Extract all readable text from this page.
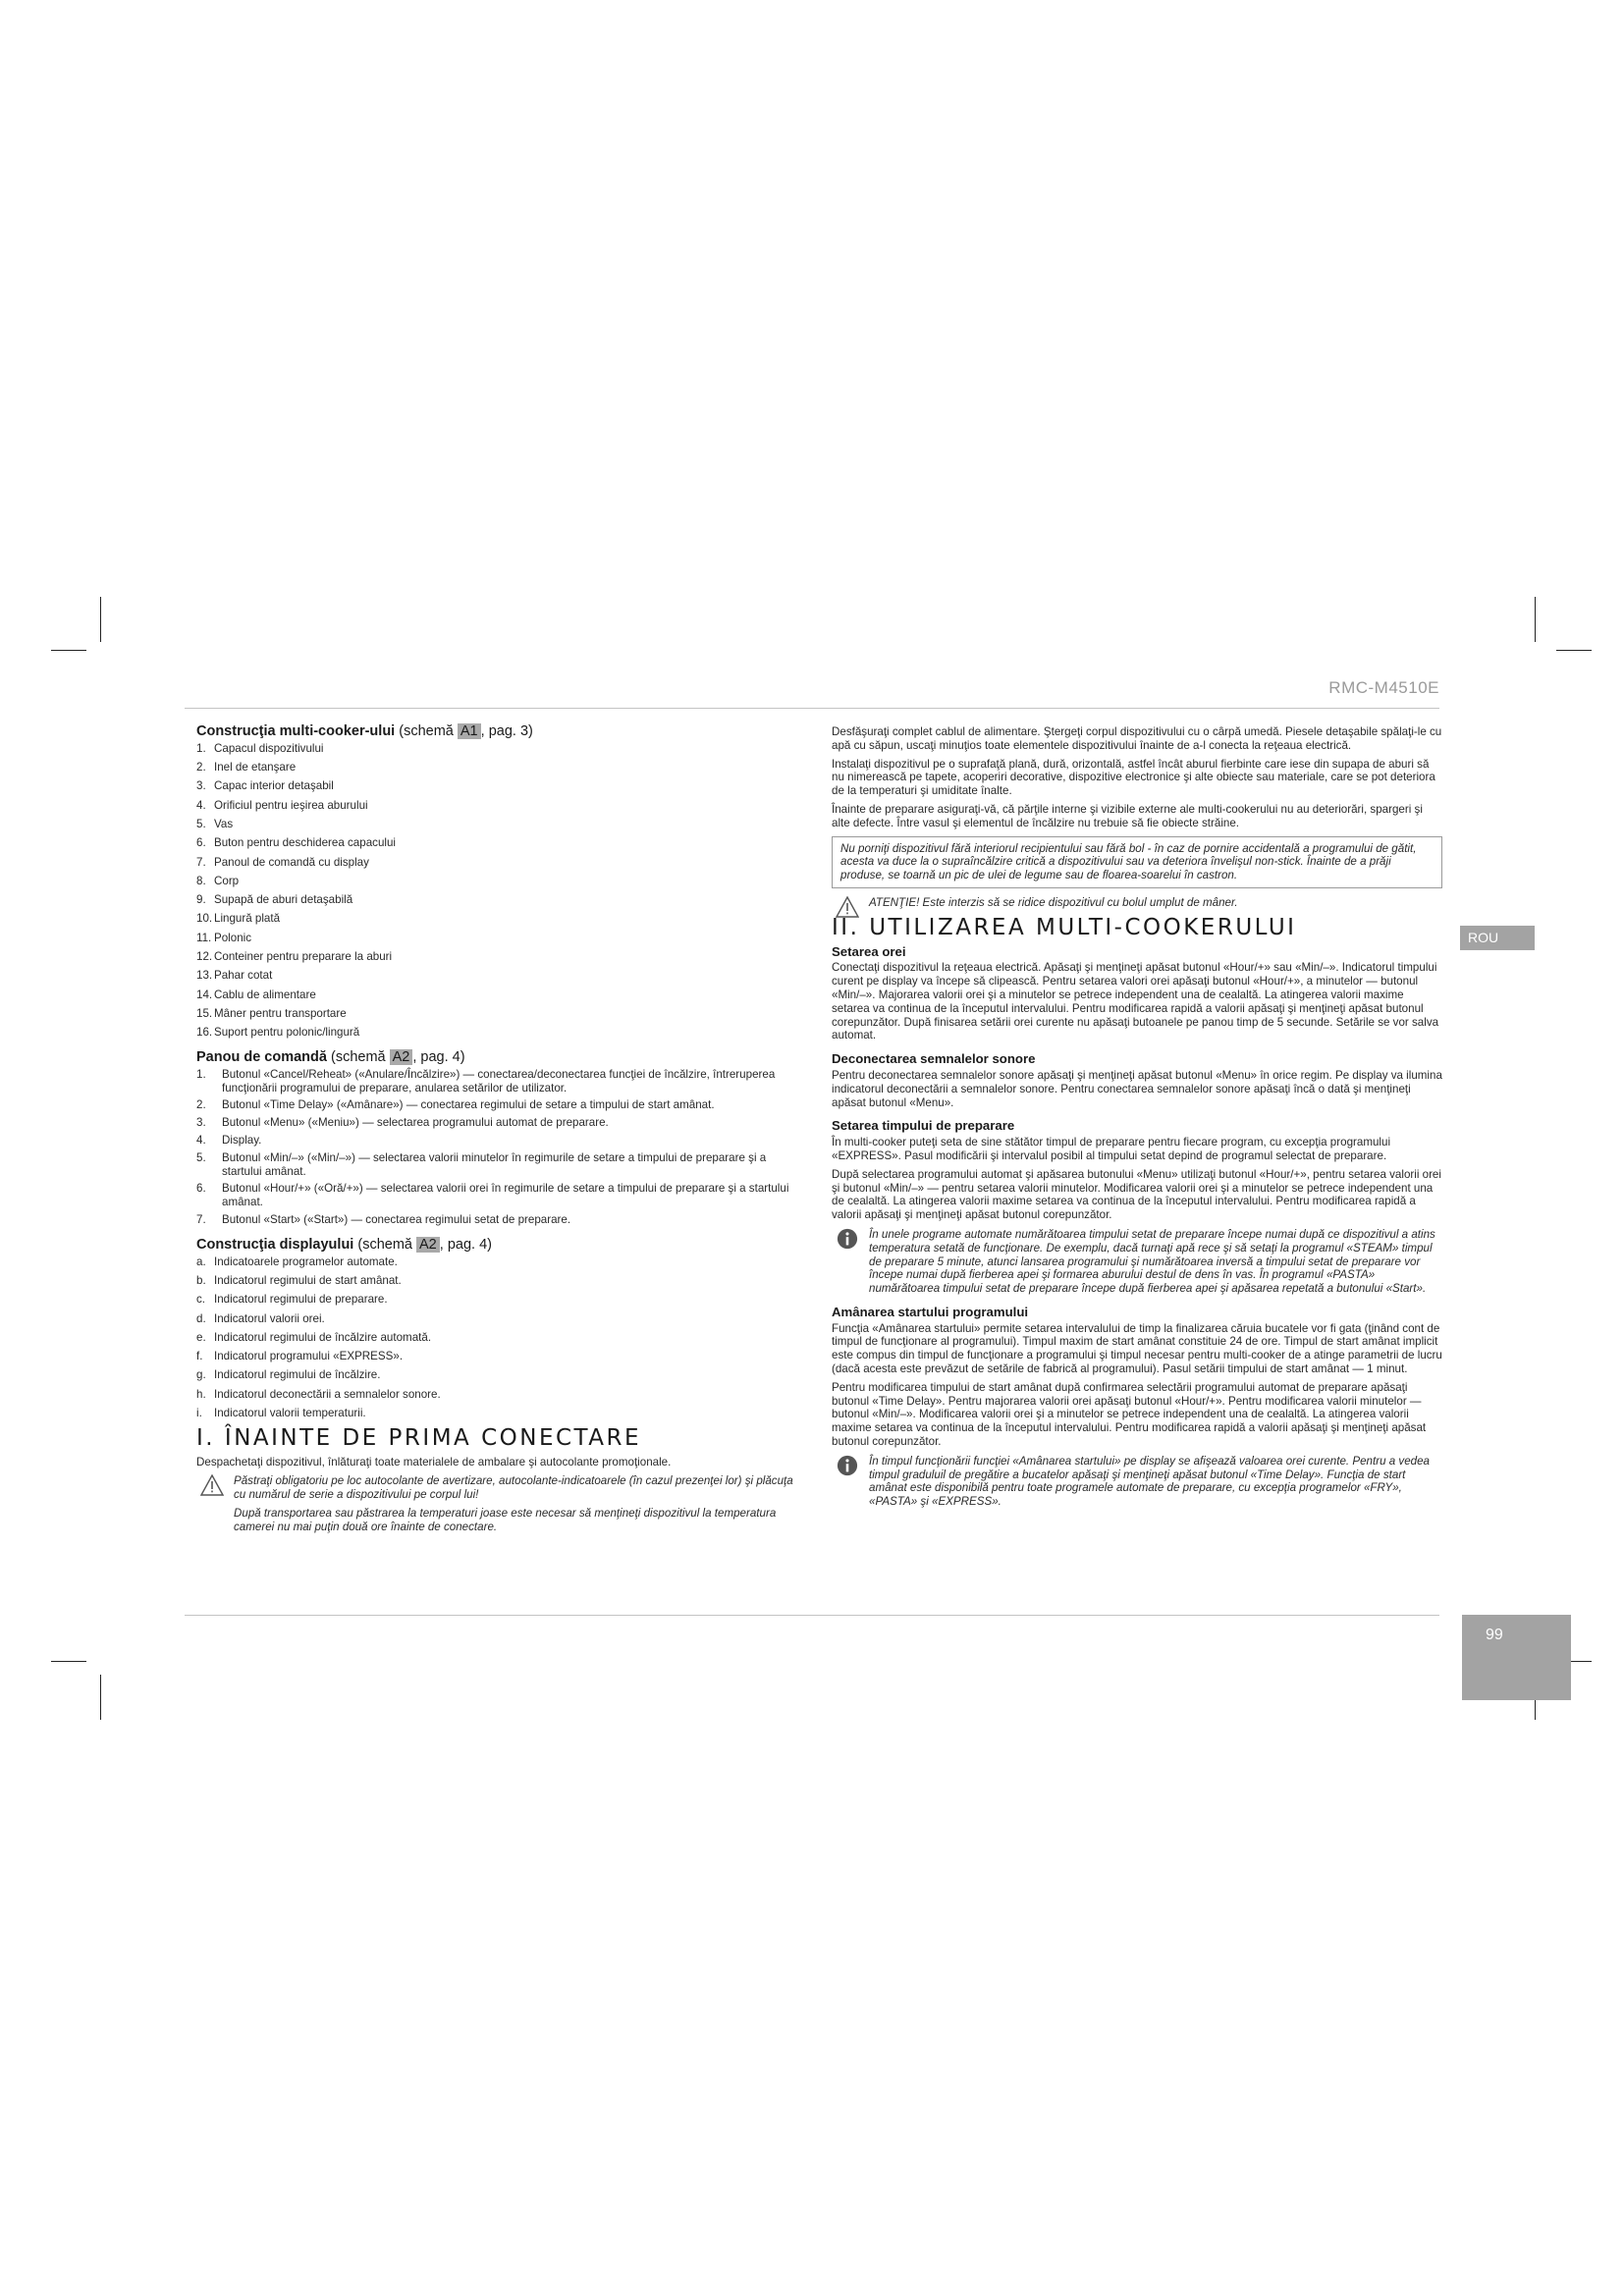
RMC-M4510E
ROU
99
Construcţia multi-cooker-ului (schemă A1 , pag. 3)
1. Capacul dispozitivului
2. Inel de etanşare
3. Capac interior detaşabil
4. Orificiul pentru ieşirea aburului
5. Vas
6. Buton pentru deschiderea capacului
7. Panoul de comandă cu display
8. Corp
9. Supapă de aburi detaşabilă
10. Lingură plată
11. Polonic
12. Conteiner pentru preparare la aburi
13. Pahar cotat
14. Cablu de alimentare
15. Mâner pentru transportare
16. Suport pentru polonic/lingură
Panou de comandă (schemă A2 , pag. 4)
1. Butonul «Cancel/Reheat» («Anulare/Încălzire») — conectarea/deconectarea funcţiei de încălzire, întreruperea funcţionării programului de preparare, anularea setărilor de utilizator.
2. Butonul «Time Delay» («Amânare») — conectarea regimului de setare a timpului de start amânat.
3. Butonul «Menu» («Meniu») — selectarea programului automat de preparare.
4. Display.
5. Butonul «Min/–» («Min/–») — selectarea valorii minutelor în regimurile de setare a timpului de preparare şi a startului amânat.
6. Butonul «Hour/+» («Oră/+») — selectarea valorii orei în regimurile de setare a timpului de preparare şi a startului amânat.
7. Butonul «Start» («Start») — conectarea regimului setat de preparare.
Construcţia displayului (schemă A2 , pag. 4)
a. Indicatoarele programelor automate.
b. Indicatorul regimului de start amânat.
c. Indicatorul regimului de preparare.
d. Indicatorul valorii orei.
e. Indicatorul regimului de încălzire automată.
f. Indicatorul programului «EXPRESS».
g. Indicatorul regimului de încălzire.
h. Indicatorul deconectării a semnalelor sonore.
i. Indicatorul valorii temperaturii.
I. ÎNAINTE DE PRIMA CONECTARE

Despachetaţi dispozitivul, înlăturaţi toate materialele de ambalare şi autocolante promoţionale.

Păstraţi obligatoriu pe loc autocolante de avertizare, autocolante-indicatoarele (în cazul prezenţei lor) şi plăcuţa cu numărul de serie a dispozitivului pe corpul lui!

După transportarea sau păstrarea la temperaturi joase este necesar să menţineţi dispozitivul la temperatura camerei nu mai puţin două ore înainte de conectare.

Desfăşuraţi complet cablul de alimentare. Ştergeţi corpul dispozitivului cu o cârpă umedă. Piesele detaşabile spălaţi-le cu apă cu săpun, uscaţi minuţios toate elementele dispozitivului înainte de a-l conecta la reţeaua electrică.

Instalaţi dispozitivul pe o suprafaţă plană, dură, orizontală, astfel încât aburul fierbinte care iese din supapa de aburi să nu nimerească pe tapete, acoperiri decorative, dispozitive electronice şi alte obiecte sau materiale, care se pot deteriora de la temperaturi şi umiditate înalte.

Înainte de preparare asiguraţi-vă, că părţile interne şi vizibile externe ale multi-cookerului nu au deteriorări, spargeri şi alte defecte. Între vasul şi elementul de încălzire nu trebuie să fie obiecte străine.

Nu porniţi dispozitivul fără interiorul recipientului sau fără bol - în caz de pornire accidentală a programului de gătit, acesta va duce la o supraîncălzire critică a dispozitivului sau va deteriora învelişul non-stick. Înainte de a prăji produse, se toarnă un pic de ulei de legume sau de floarea-soarelui în castron.

ATENŢIE! Este interzis să se ridice dispozitivul cu bolul umplut de mâner.

II. UTILIZAREA MULTI-COOKERULUI
Setarea orei

Conectaţi dispozitivul la reţeaua electrică. Apăsaţi şi menţineţi apăsat butonul «Hour/+» sau «Min/–». Indicatorul timpului curent pe display va începe să clipească. Pentru setarea valori orei apăsaţi butonul «Hour/+», a minutelor — butonul «Min/–». Majorarea valorii orei şi a minutelor se petrece independent una de cealaltă. La atingerea valorii maxime setarea va continua de la începutul intervalului. Pentru modificarea rapidă a valorii apăsaţi şi menţineţi apăsat butonul corepunzător. După finisarea setării orei curente nu apăsaţi butoanele pe panou timp de 5 secunde. Setările se vor salva automat.

Deconectarea semnalelor sonore

Pentru deconectarea semnalelor sonore apăsaţi şi menţineţi apăsat butonul «Menu» în orice regim. Pe display va ilumina indicatorul deconectării a semnalelor sonore. Pentru conectarea semnalelor sonore apăsaţi încă o dată şi menţineţi apăsat butonul «Menu».

Setarea timpului de preparare

În multi-cooker puteţi seta de sine stătător timpul de preparare pentru fiecare program, cu excepţia programului «EXPRESS». Pasul modificării şi intervalul posibil al timpului setat depind de programul selectat de preparare.

După selectarea programului automat şi apăsarea butonului «Menu» utilizaţi butonul «Hour/+», pentru setarea valorii orei şi butonul «Min/–» — pentru setarea valorii minutelor. Modificarea valorii orei şi a minutelor se petrece independent una de cealaltă. La atingerea valorii maxime setarea va continua de la începutul intervalului. Pentru modificarea rapidă a valorii apăsaţi şi menţineţi apăsat butonul corepunzător.

În unele programe automate numărătoarea timpului setat de preparare începe numai după ce dispozitivul a atins temperatura setată de funcţionare. De exemplu, dacă turnaţi apă rece şi să setaţi la programul «STEAM» timpul de preparare 5 minute, atunci lansarea programului şi numărătoarea inversă a timpului setat de preparare vor începe numai după fierberea apei şi formarea aburului destul de dens în vas. În programul «PASTA» numărătoarea timpului setat de preparare începe după fierberea apei şi apăsarea repetată a butonului «Start».

Amânarea startului programului

Funcţia «Amânarea startului» permite setarea intervalului de timp la finalizarea căruia bucatele vor fi gata (ţinând cont de timpul de funcţionare al programului). Timpul maxim de start amânat constituie 24 de ore. Timpul de start amânat implicit este compus din timpul de funcţionare a programului şi timpul necesar pentru multi-cooker de a atinge parametrii de lucru (dacă acesta este prevăzut de setările de fabrică al programului). Pasul setării timpului de start amânat — 1 minut.

Pentru modificarea timpului de start amânat după confirmarea selectării programului automat de preparare apăsaţi butonul «Time Delay». Pentru majorarea valorii orei apăsaţi butonul «Hour/+». Pentru modificarea valorii minutelor — butonul «Min/–». Modificarea valorii orei şi a minutelor se petrece independent una de cealaltă. La atingerea valorii maxime setarea va continua de la începutul intervalului. Pentru modificarea rapidă a valorii apăsaţi şi menţineţi apăsat butonul corepunzător.

În timpul funcţionării funcţiei «Amânarea startului» pe display se afişează valoarea orei curente. Pentru a vedea timpul graduluil de pregătire a bucatelor apăsaţi şi menţineţi apăsat butonul «Time Delay». Funcţia de start amânat este disponibilă pentru toate programele automate de preparare, cu excepţia programelor «FRY», «PASTA» şi «EXPRESS».
